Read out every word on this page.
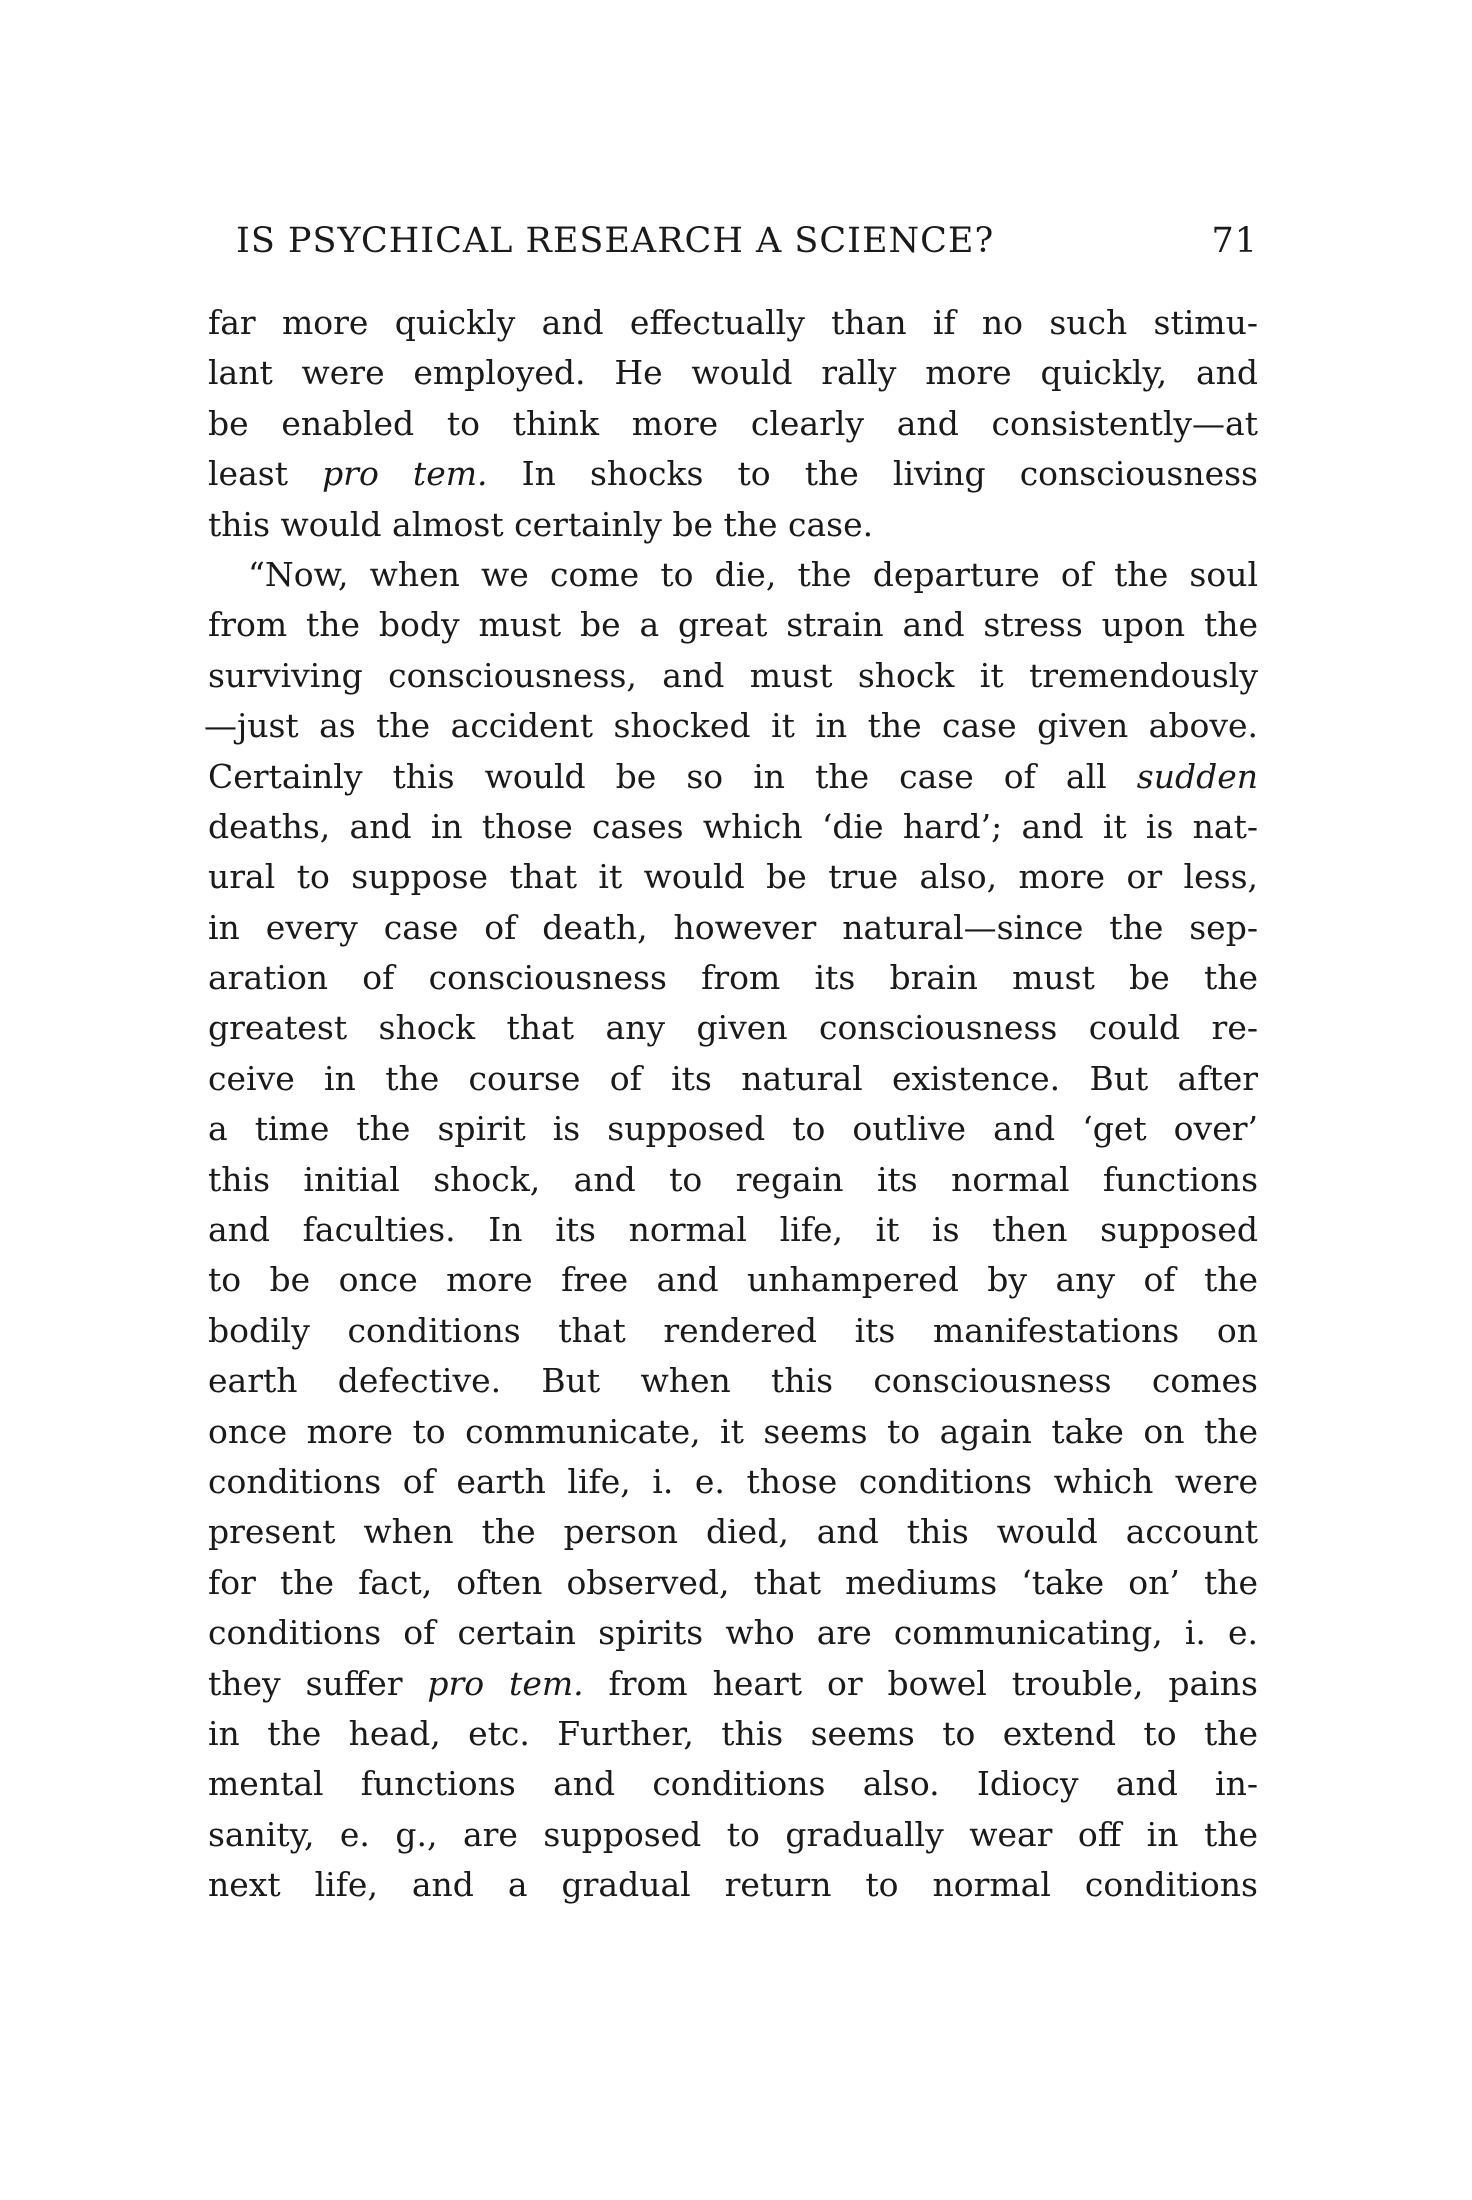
IS PSYCHICAL RESEARCH A SCIENCE?	71
far more quickly and effectually than if no such stimu-
lant were employed. He would rally more quickly, and
be enabled to think more clearly and consistently—at
least pro tem. In shocks to the living consciousness
this would almost certainly be the case.
“Now, when we come to die, the departure of the soul
from the body must be a great strain and stress upon the
surviving consciousness, and must shock it tremendously
—just as the accident shocked it in the case given above.
Certainly this would be so in the case of all sudden
deaths, and in those cases which ‘die hard’; and it is nat-
ural to suppose that it would be true also, more or less,
in every case of death, however natural—since the sep-
aration of consciousness from its brain must be the
greatest shock that any given consciousness could re-
ceive in the course of its natural existence. But after
a time the spirit is supposed to outlive and ‘get over’
this initial shock, and to regain its normal functions
and faculties. In its normal life, it is then supposed
to be once more free and unhampered by any of the
bodily conditions that rendered its manifestations on
earth defective. But when this consciousness comes
once more to communicate, it seems to again take on the
conditions of earth life, i. e. those conditions which were
present when the person died, and this would account
for the fact, often observed, that mediums ‘take on’ the
conditions of certain spirits who are communicating, i. e.
they suffer pro tem. from heart or bowel trouble, pains
in the head, etc. Further, this seems to extend to the
mental functions and conditions also. Idiocy and in-
sanity, e. g., are supposed to gradually wear off in the
next life, and a gradual return to normal conditions
